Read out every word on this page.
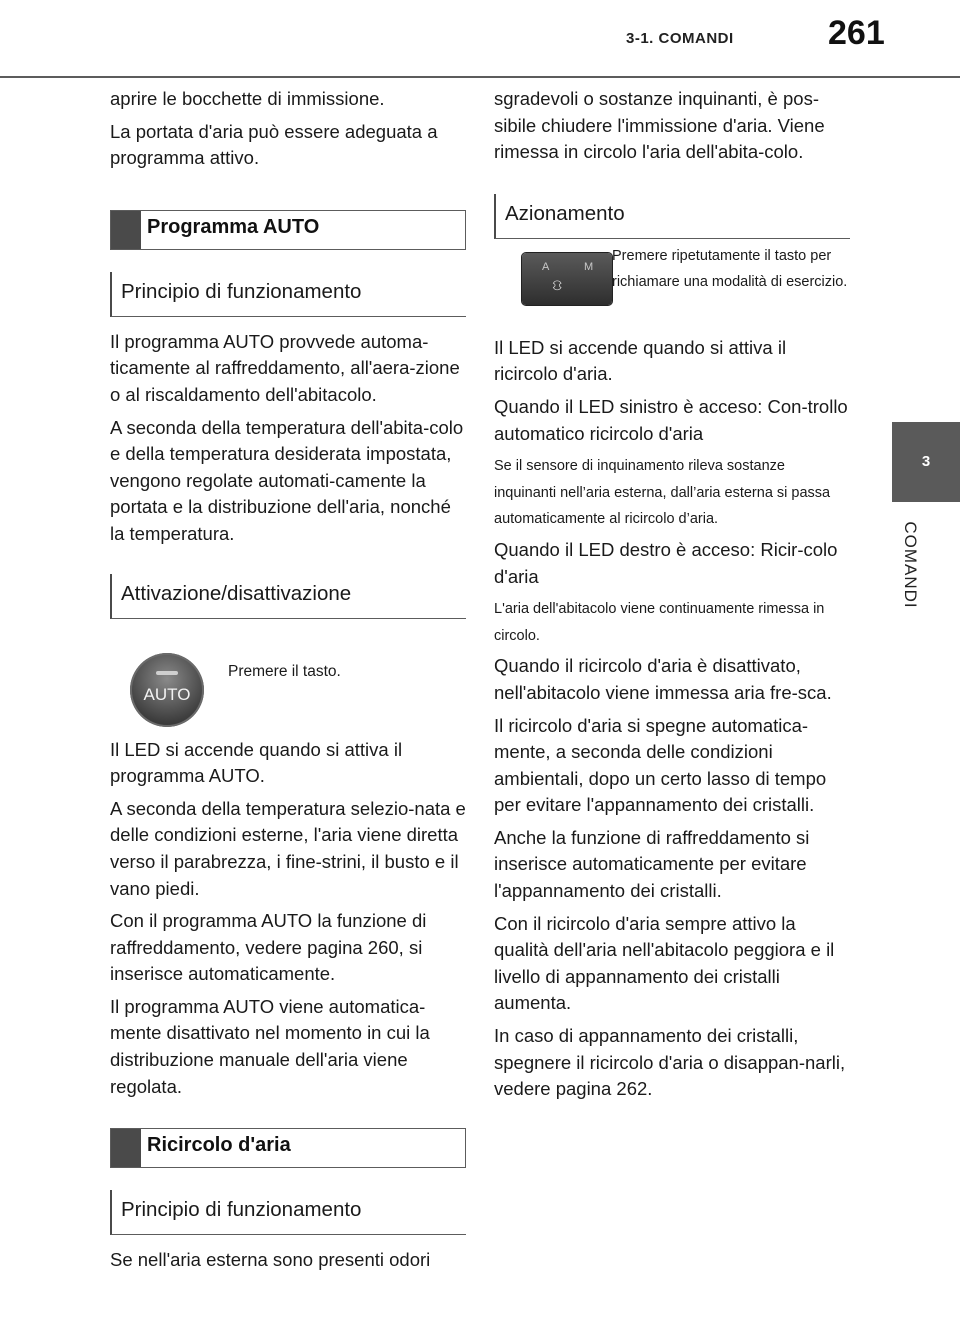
3-1. COMANDI	261
3
COMANDI

aprire le bocchette di immissione.

La portata d'aria può essere adeguata a programma attivo.

Programma AUTO
Principio di funzionamento

Il programma AUTO provvede automa-ticamente al raffreddamento, all'aera-zione o al riscaldamento dell'abitacolo.

A seconda della temperatura dell'abita-colo e della temperatura desiderata impostata, vengono regolate automati-camente la portata e la distribuzione dell'aria, nonché la temperatura.

Attivazione/disattivazione
AUTO
Premere il tasto.

Il LED si accende quando si attiva il programma AUTO.

A seconda della temperatura selezio-nata e delle condizioni esterne, l'aria viene diretta verso il parabrezza, i fine-strini, il busto e il vano piedi.

Con il programma AUTO la funzione di raffreddamento, vedere pagina 260, si inserisce automaticamente.

Il programma AUTO viene automatica-mente disattivato nel momento in cui la distribuzione manuale dell'aria viene regolata.

Ricircolo d'aria
Principio di funzionamento

Se nell'aria esterna sono presenti odori

sgradevoli o sostanze inquinanti, è pos-sibile chiudere l'immissione d'aria. Viene rimessa in circolo l'aria dell'abita-colo.

Azionamento
A	M
⛻
Premere ripetutamente il tasto per richiamare una modalità di esercizio.

Il LED si accende quando si attiva il ricircolo d'aria.

Quando il LED sinistro è acceso: Con-trollo automatico ricircolo d'aria

Se il sensore di inquinamento rileva sostanze inquinanti nell’aria esterna, dall’aria esterna si passa automaticamente al ricircolo d’aria.

Quando il LED destro è acceso: Ricir-colo d'aria

L'aria dell'abitacolo viene continuamente rimessa in circolo.

Quando il ricircolo d'aria è disattivato, nell'abitacolo viene immessa aria fre-sca.

Il ricircolo d'aria si spegne automatica-mente, a seconda delle condizioni ambientali, dopo un certo lasso di tempo per evitare l'appannamento dei cristalli.

Anche la funzione di raffreddamento si inserisce automaticamente per evitare l'appannamento dei cristalli.

Con il ricircolo d'aria sempre attivo la qualità dell'aria nell'abitacolo peggiora e il livello di appannamento dei cristalli aumenta.

In caso di appannamento dei cristalli, spegnere il ricircolo d'aria o disappan-narli, vedere pagina 262.
